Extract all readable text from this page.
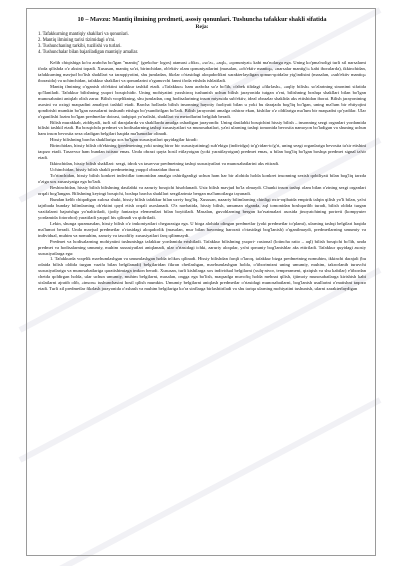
10 – Mavzu: Mantiq ilmining predmeti, asosiy qonunlari. Tushuncha tafakkur shakli sifatida

Reja:

1. Tafakkurning mantiqiy shakllari va qonunlari.
2. Mantiq ilmining tarixi tizimidagi o'rni.
3. Tushunchaning tarkibi, tuzilishi va turlari.
4. Tushunchalar bilan bajariladigan mantiqiy amallar.

Kelib chiqishiga ko'ra arabcha bo'lgan "mantiq" (grekcha- logos) atamasi «fikr», «so'z», «aql», «qonuniyat» kabi ma'nolarga ega. Uning ko'pma'noligi turli xil narsalarni ifoda qilishda o'z aksini topadi. Xususan, mantiq so'zi, birinchidan, ob'ektiv olam qonuniyatlarini (masalan, «ob'ektiv mantiq», «narsalar mantig'i» kabi iboralarda), ikkinchidan, tafakkurning mavjud bo'lish shakllari va taraqqiyotini, shu jumladan, fikrlar o'rtasidagi aloqadorlikni xarakterlaydigan qonun-qoidalar yig'indisini (masalan, «sub'ektiv mantiq» iborasida) va uchinchidan, tafakkur shakllari va qonunlarini o'rganuvchi fanni ifoda etishda ishlatiladi.

Mantiq ilmining o'rganish ob'ektini tafakkur tashkil etadi. «Tafakkur» ham arabcha so'z bo'lib, o'zbek tilidagi «fikrlash», «aqliy bilish» so'zlarining sinonimi sifatida qo'llaniladi. Tafakkur bilishning yuqori bosqichidir. Uning mohiyatini yaxshiroq tushunish uchun bilish jarayonida tutgan o'rni, bilishning boshqa shakllari bilan bo'lgan munosabatini aniqlab olish zarur. Bilish voqelikning, shu jumladan, ong hodisalarining inson miyasida sub'ektiv, ideal obrazlar shaklida aks ettishidan iborat. Bilish jarayonining asosini va oxirgi maqsadini amaliyot tashkil etadi. Barcha hollarda bilish insonning hayotiy faoliyati bilan u yoki bu darajada bog'liq bo'lgan, uning ma'lum bir ehtiyojini qondirishi mumkin bo'lgan narsalarni tushunib etishga bo'ysundirilgan bo'ladi. Bilish jarayonini amalga oshirar ekan, kishilar o'z oldilariga ma'lum bir maqsadni qo'yadilar. Ular o'rganilishi lozim bo'lgan predmetlar doirasi, tadqiqot yo'nalishi, shakllari va metodlarini belgilab beradi.

Bilish murakkab, ziddiyatli, turli xil darajalarda va shakllarda amalga oshadigan jarayondir. Uning dastlabki bosqichini hissiy bilish – insonning sezgi organlari yordamida bilishi tashkil etadi. Bu bosqichda predmet va hodisalarning tashqi xususiyatlari va munosabatlari, ya'ni ularning tashqi tomonida bevosita namoyon bo'ladigan va shuning uchun ham inson bevosita sezа oladigan belgilari haqida ma'lumotlar olinadi.

Hissiy bilishning barcha shakllariga xos bo'lgan xususiyatlari quyidagilar kiradi:

Birinchidan, hissiy bilish ob'ektning (predmetning yoki uning biror bir xususiyatining) sub'ektga (individga) to'g'ridan-to'g'ri, uning sezgi organlariga bevosita ta'sir etishini taqozo etadi. Tasavvur ham bundan istisno emas. Unda obrazi qayta hosil etilayotgan (yoki yaratilayotgan) predmet emas, u bilan bog'liq bo'lgan boshqa predmet signal ta'sir etadi.

Ikkinchidan, hissiy bilish shakllari: sezgi, idrok va tasavvur predmetning tashqi xususiyatlari va munosabatlarini aks ettiradi.

Uchinchidan, hissiy bilish shakli predmetning yaqqol obrazidan iborat.

To'rtinchidan, hissiy bilish konkret individlar tomonidan amalga oshirilganligi uchun ham har bir alohida holda konkret insonning sezish qobiliyati bilan bog'liq tarzda o'ziga xos xususiyatga ega bo'ladi.

Beshinchidan, hissiy bilish bilishning dastlabki va zaruriy bosqichi hisoblanadi. Usiz bilish mavjud bo'la olmaydi. Chunki inson tashqi olam bilan o'zining sezgi organlari orqali bog'langan. Bilishning keyingi bosqichi, boshqa barcha shakllari sezgilarimiz bergan ma'lumotlarga tayanadi.

Bundan kelib chiqadigan xulosa shuki, hissiy bilish tafakkur bilan uzviy bog'liq. Xususan, nazariy bilimlarning chinligi oxir-oqibatda empirik talqin qilish yo'li bilan, ya'ni tajribada bunday bilimlarning ob'ektini qayd etish orqali asoslanadi. O'z navbatida, hissiy bilish, umuman olganda, aql tomonidan boshqarilib turadi, bilish oldida turgan vazifalarni bajarishga yo'naltiriladi, ijodiy fantaziya elementlari bilan boyitiladi. Masalan, guvohlarning bergan ko'rsatmalari asosida jinoyatchining portreti (kompyuter yordamida fotorobot) yaratiladi yaqqol his qilinadi va qidiriladi.

Lekin, shunga qaramasdan, hissiy bilish o'z imkoniyatlari chegarasiga ega. U birga alohida olingan predmetlar (yoki predmetlar to'plami), ularning tashqi belgilari haqida ma'lumot beradi. Unda mavjud predmetlar o'rtasidagi aloqadorlik (masalan, mur bilan havoning harorati o'rtasidagi bog'lanish) o'rganilmaydi, predmetlarning umumiy va individual, muhim va nomuhim, zaruriy va tasodifiy xususiyatlari farq qilinmaydi.

Predmet va hodisalarning mohiyatini tushunishga tafakkur yordamida erishiladi. Tafakkur bilishning yuqori- rasional (lotincha ratio – aql) bilish bosqichi bo'lib, unda predmet va hodisalarning umumiy, muhim xususiyatlari aniqlanadi, ular o'rtasidagi ichki, zaruriy aloqalar, ya'ni qonuniy bog'lanishlar aks ettiriladi. Tafakkur quyidagi asosiy xususiyatlarga ega:

1. Tafakkurda voqelik mavhumlashgan va umumlashgan holda in'ikos qilinadi. Hissiy bilishdan farqli o'laroq, tafakkur bizga predmetning nomuhim, ikkinchi darajali (bu odatda bilish oldida turgan vazifa bilan belgilanadi) belgilaridan fikran chetlashgan, mavhumlashgan holda, o'tiborimizni uning umumiy, muhim, takrorlanib turuvchi xususiyatlariga va munosabatlariga qaratishimizga imkon beradi. Xususan, turli kishilarga xos individual belgilarni (xulq-atvor, temperament, qiziqish va shu kabilar) e'tibordan chetda qoldirgan holda, ular uchun umumiy, muhim belgilarni, masalan, ongga ega bo'lish, maqsadga muvofiq holda mehnat qilish, ijtimoiy munosabatlarga kirishish kabi xislatlarni ajratib olib, «inson» tushunchasini hosil qilish mumkin. Umumiy belgilarni aniqlash predmetlar o'rtasidagi munosabatlarni, bog'lanish usullarini o'rnatishni taqozo etadi. Turli xil predmetlar fikrlash jarayonida o'xshash va muhim belgilariga ko'ra sinflarga birlashtiriladi va shu tariqa ularning mohiyatini tushunish, ularni xarakterlaydigan
